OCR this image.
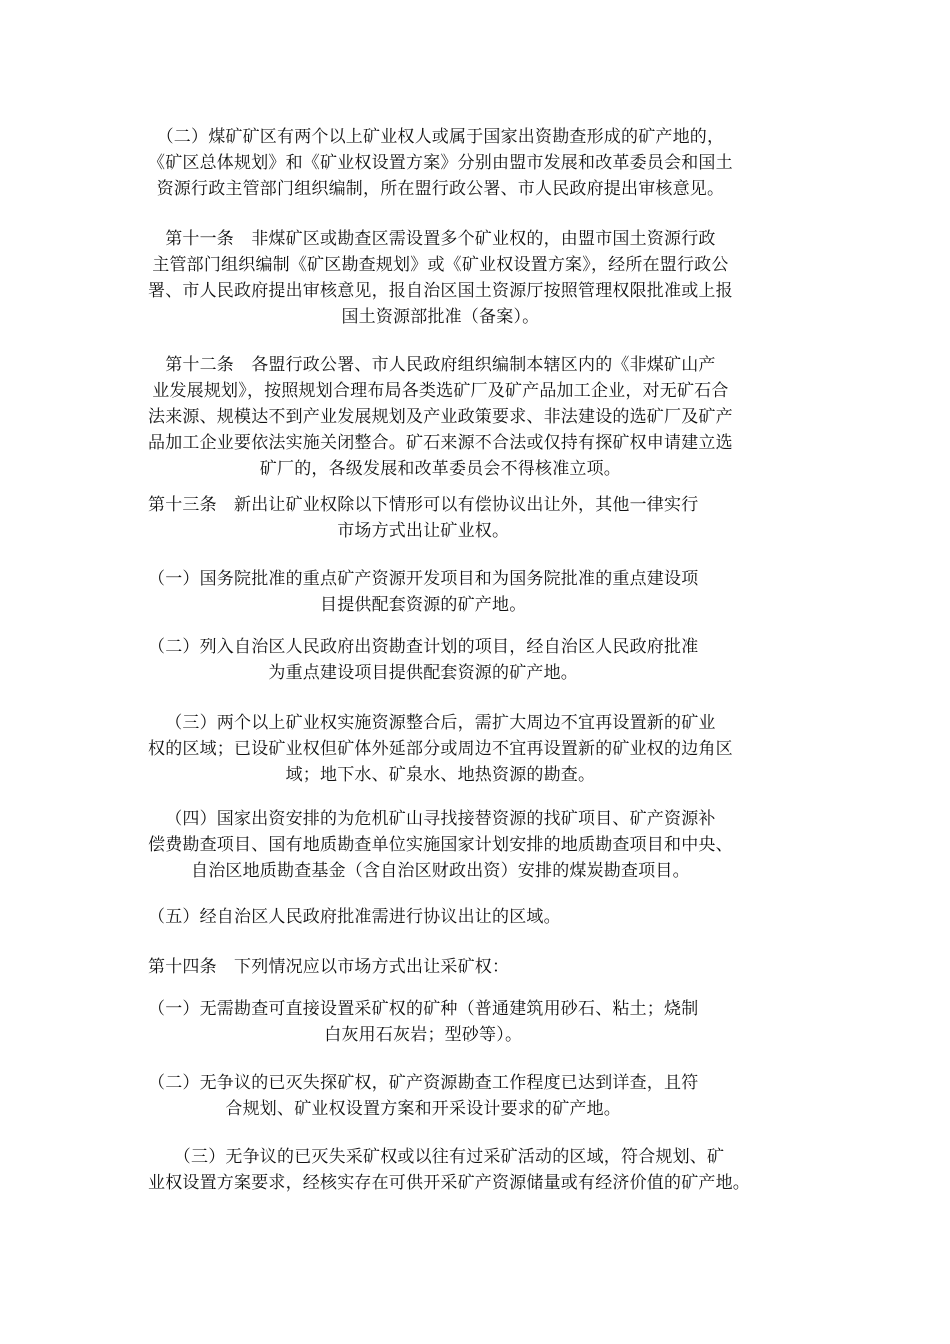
（二）煤矿矿区有两个以上矿业权人或属于国家出资勘查形成的矿产地的，
《矿区总体规划》和《矿业权设置方案》分别由盟市发展和改革委员会和国土
资源行政主管部门组织编制，所在盟行政公署、市人民政府提出审核意见。

第十一条　非煤矿区或勘查区需设置多个矿业权的，由盟市国土资源行政
主管部门组织编制《矿区勘查规划》或《矿业权设置方案》，经所在盟行政公
署、市人民政府提出审核意见，报自治区国土资源厅按照管理权限批准或上报
国土资源部批准（备案）。

第十二条　各盟行政公署、市人民政府组织编制本辖区内的《非煤矿山产
业发展规划》，按照规划合理布局各类选矿厂及矿产品加工企业，对无矿石合
法来源、规模达不到产业发展规划及产业政策要求、非法建设的选矿厂及矿产
品加工企业要依法实施关闭整合。矿石来源不合法或仅持有探矿权申请建立选
矿厂的，各级发展和改革委员会不得核准立项。

第十三条　新出让矿业权除以下情形可以有偿协议出让外，其他一律实行
市场方式出让矿业权。

（一）国务院批准的重点矿产资源开发项目和为国务院批准的重点建设项
目提供配套资源的矿产地。

（二）列入自治区人民政府出资勘查计划的项目，经自治区人民政府批准
为重点建设项目提供配套资源的矿产地。

（三）两个以上矿业权实施资源整合后，需扩大周边不宜再设置新的矿业
权的区域；已设矿业权但矿体外延部分或周边不宜再设置新的矿业权的边角区
域；地下水、矿泉水、地热资源的勘查。

（四）国家出资安排的为危机矿山寻找接替资源的找矿项目、矿产资源补
偿费勘查项目、国有地质勘查单位实施国家计划安排的地质勘查项目和中央、
自治区地质勘查基金（含自治区财政出资）安排的煤炭勘查项目。

（五）经自治区人民政府批准需进行协议出让的区域。

第十四条　下列情况应以市场方式出让采矿权：

（一）无需勘查可直接设置采矿权的矿种（普通建筑用砂石、粘土；烧制
白灰用石灰岩；型砂等）。

（二）无争议的已灭失探矿权，矿产资源勘查工作程度已达到详查，且符
合规划、矿业权设置方案和开采设计要求的矿产地。

（三）无争议的已灭失采矿权或以往有过采矿活动的区域，符合规划、矿
业权设置方案要求，经核实存在可供开采矿产资源储量或有经济价值的矿产地。
